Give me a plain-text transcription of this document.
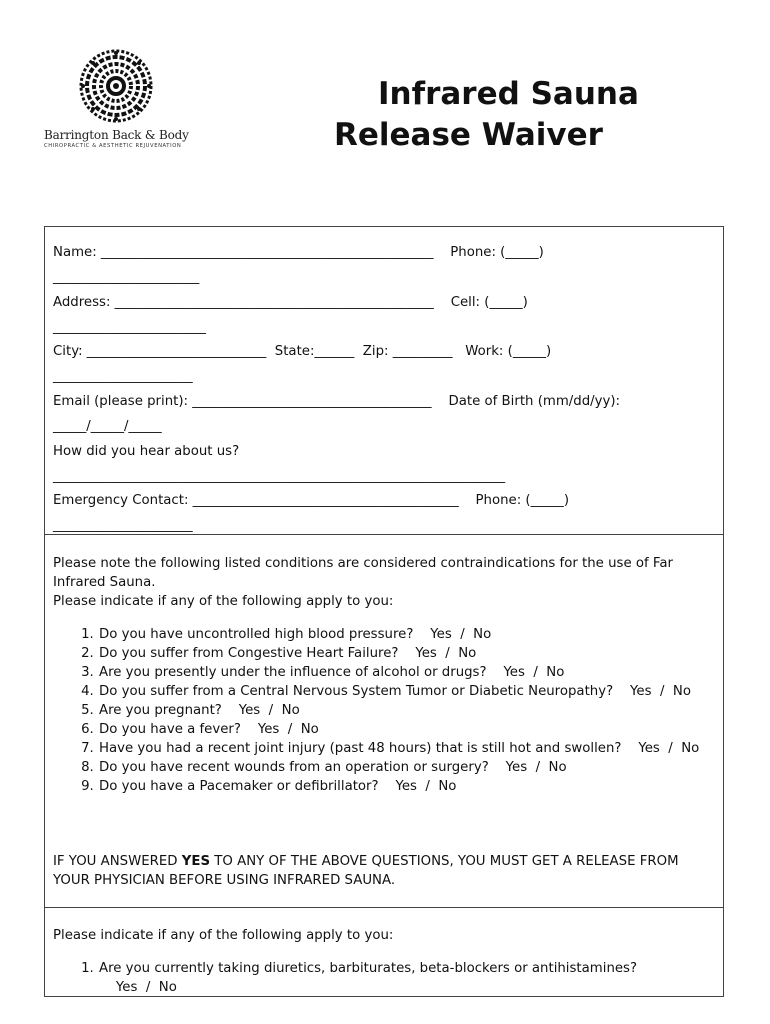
Barrington Back & Body
CHIROPRACTIC & AESTHETIC REJUVENATION
Infrared Sauna
Release Waiver
Name: __________________________________________________    Phone: (_____)
______________________
Address: ________________________________________________    Cell: (_____)
_______________________
City: ___________________________  State:______  Zip: _________   Work: (_____)
_____________________
Email (please print): ____________________________________    Date of Birth (mm/dd/yy):
_____/_____/_____
How did you hear about us?
____________________________________________________________________
Emergency Contact: ________________________________________    Phone: (_____)
_____________________
Please note the following listed conditions are considered contraindications for the use of Far Infrared Sauna.
Please indicate if any of the following apply to you:
1. Do you have uncontrolled high blood pressure?    Yes  /  No
2. Do you suffer from Congestive Heart Failure?    Yes  /  No
3. Are you presently under the influence of alcohol or drugs?    Yes  /  No
4. Do you suffer from a Central Nervous System Tumor or Diabetic Neuropathy?    Yes  /  No
5. Are you pregnant?    Yes  /  No
6. Do you have a fever?    Yes  /  No
7. Have you had a recent joint injury (past 48 hours) that is still hot and swollen?    Yes  /  No
8. Do you have recent wounds from an operation or surgery?    Yes  /  No
9. Do you have a Pacemaker or defibrillator?    Yes  /  No
IF YOU ANSWERED YES TO ANY OF THE ABOVE QUESTIONS, YOU MUST GET A RELEASE FROM YOUR PHYSICIAN BEFORE USING INFRARED SAUNA.
Please indicate if any of the following apply to you:
1. Are you currently taking diuretics, barbiturates, beta-blockers or antihistamines?    Yes  /  No
